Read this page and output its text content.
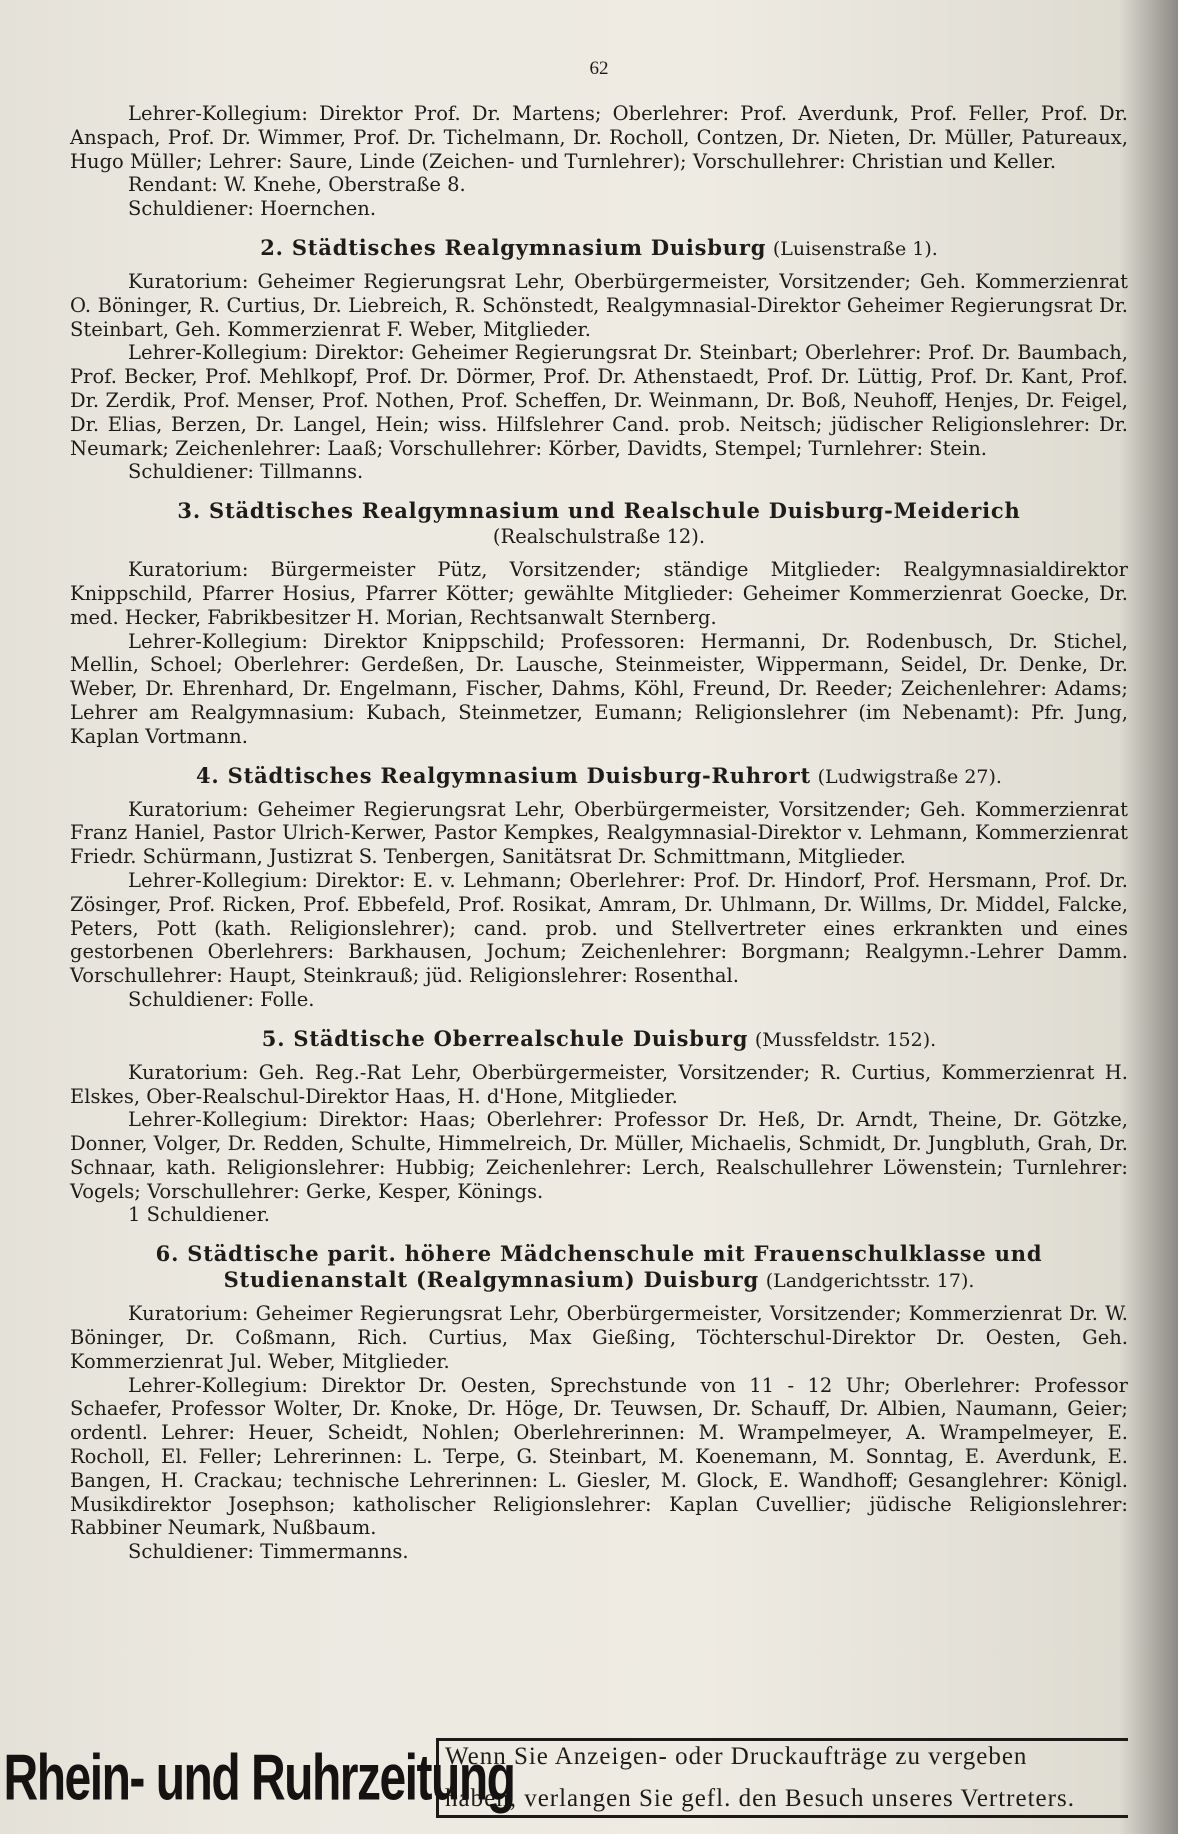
62

Lehrer-Kollegium: Direktor Prof. Dr. Martens; Oberlehrer: Prof. Averdunk, Prof. Feller, Prof. Dr. Anspach, Prof. Dr. Wimmer, Prof. Dr. Tichelmann, Dr. Rocholl, Contzen, Dr. Nieten, Dr. Müller, Patureaux, Hugo Müller; Lehrer: Saure, Linde (Zeichen- und Turnlehrer); Vorschullehrer: Christian und Keller.

Rendant: W. Knehe, Oberstraße 8.

Schuldiener: Hoernchen.

2. Städtisches Realgymnasium Duisburg (Luisenstraße 1).

Kuratorium: Geheimer Regierungsrat Lehr, Oberbürgermeister, Vorsitzender; Geh. Kommerzienrat O. Böninger, R. Curtius, Dr. Liebreich, R. Schönstedt, Realgymnasial-Direktor Geheimer Regierungsrat Dr. Steinbart, Geh. Kommerzienrat F. Weber, Mitglieder.

Lehrer-Kollegium: Direktor: Geheimer Regierungsrat Dr. Steinbart; Oberlehrer: Prof. Dr. Baumbach, Prof. Becker, Prof. Mehlkopf, Prof. Dr. Dörmer, Prof. Dr. Athenstaedt, Prof. Dr. Lüttig, Prof. Dr. Kant, Prof. Dr. Zerdik, Prof. Menser, Prof. Nothen, Prof. Scheffen, Dr. Weinmann, Dr. Boß, Neuhoff, Henjes, Dr. Feigel, Dr. Elias, Berzen, Dr. Langel, Hein; wiss. Hilfslehrer Cand. prob. Neitsch; jüdischer Religionslehrer: Dr. Neumark; Zeichenlehrer: Laaß; Vorschullehrer: Körber, Davidts, Stempel; Turnlehrer: Stein.

Schuldiener: Tillmanns.

3. Städtisches Realgymnasium und Realschule Duisburg-Meiderich
(Realschulstraße 12).

Kuratorium: Bürgermeister Pütz, Vorsitzender; ständige Mitglieder: Realgymnasialdirektor Knippschild, Pfarrer Hosius, Pfarrer Kötter; gewählte Mitglieder: Geheimer Kommerzienrat Goecke, Dr. med. Hecker, Fabrikbesitzer H. Morian, Rechtsanwalt Sternberg.

Lehrer-Kollegium: Direktor Knippschild; Professoren: Hermanni, Dr. Rodenbusch, Dr. Stichel, Mellin, Schoel; Oberlehrer: Gerdeßen, Dr. Lausche, Steinmeister, Wippermann, Seidel, Dr. Denke, Dr. Weber, Dr. Ehrenhard, Dr. Engelmann, Fischer, Dahms, Köhl, Freund, Dr. Reeder; Zeichenlehrer: Adams; Lehrer am Realgymnasium: Kubach, Steinmetzer, Eumann; Religionslehrer (im Nebenamt): Pfr. Jung, Kaplan Vortmann.

4. Städtisches Realgymnasium Duisburg-Ruhrort (Ludwigstraße 27).

Kuratorium: Geheimer Regierungsrat Lehr, Oberbürgermeister, Vorsitzender; Geh. Kommerzienrat Franz Haniel, Pastor Ulrich-Kerwer, Pastor Kempkes, Realgymnasial-Direktor v. Lehmann, Kommerzienrat Friedr. Schürmann, Justizrat S. Tenbergen, Sanitätsrat Dr. Schmittmann, Mitglieder.

Lehrer-Kollegium: Direktor: E. v. Lehmann; Oberlehrer: Prof. Dr. Hindorf, Prof. Hersmann, Prof. Dr. Zösinger, Prof. Ricken, Prof. Ebbefeld, Prof. Rosikat, Amram, Dr. Uhlmann, Dr. Willms, Dr. Middel, Falcke, Peters, Pott (kath. Religionslehrer); cand. prob. und Stellvertreter eines erkrankten und eines gestorbenen Oberlehrers: Barkhausen, Jochum; Zeichenlehrer: Borgmann; Realgymn.-Lehrer Damm. Vorschullehrer: Haupt, Steinkrauß; jüd. Religionslehrer: Rosenthal.

Schuldiener: Folle.

5. Städtische Oberrealschule Duisburg (Mussfeldstr. 152).

Kuratorium: Geh. Reg.-Rat Lehr, Oberbürgermeister, Vorsitzender; R. Curtius, Kommerzienrat H. Elskes, Ober-Realschul-Direktor Haas, H. d'Hone, Mitglieder.

Lehrer-Kollegium: Direktor: Haas; Oberlehrer: Professor Dr. Heß, Dr. Arndt, Theine, Dr. Götzke, Donner, Volger, Dr. Redden, Schulte, Himmelreich, Dr. Müller, Michaelis, Schmidt, Dr. Jungbluth, Grah, Dr. Schnaar, kath. Religionslehrer: Hubbig; Zeichenlehrer: Lerch, Realschullehrer Löwenstein; Turnlehrer: Vogels; Vorschullehrer: Gerke, Kesper, Könings.

1 Schuldiener.

6. Städtische parit. höhere Mädchenschule mit Frauenschulklasse und Studienanstalt (Realgymnasium) Duisburg (Landgerichtsstr. 17).

Kuratorium: Geheimer Regierungsrat Lehr, Oberbürgermeister, Vorsitzender; Kommerzienrat Dr. W. Böninger, Dr. Coßmann, Rich. Curtius, Max Gießing, Töchterschul-Direktor Dr. Oesten, Geh. Kommerzienrat Jul. Weber, Mitglieder.

Lehrer-Kollegium: Direktor Dr. Oesten, Sprechstunde von 11 - 12 Uhr; Oberlehrer: Professor Schaefer, Professor Wolter, Dr. Knoke, Dr. Höge, Dr. Teuwsen, Dr. Schauff, Dr. Albien, Naumann, Geier; ordentl. Lehrer: Heuer, Scheidt, Nohlen; Oberlehrerinnen: M. Wrampelmeyer, A. Wrampelmeyer, E. Rocholl, El. Feller; Lehrerinnen: L. Terpe, G. Steinbart, M. Koenemann, M. Sonntag, E. Averdunk, E. Bangen, H. Crackau; technische Lehrerinnen: L. Giesler, M. Glock, E. Wandhoff; Gesanglehrer: Königl. Musikdirektor Josephson; katholischer Religionslehrer: Kaplan Cuvellier; jüdische Religionslehrer: Rabbiner Neumark, Nußbaum.

Schuldiener: Timmermanns.

Rhein- und Ruhrzeitung
Wenn Sie Anzeigen- oder Druckaufträge zu vergeben
haben, verlangen Sie gefl. den Besuch unseres Vertreters.
